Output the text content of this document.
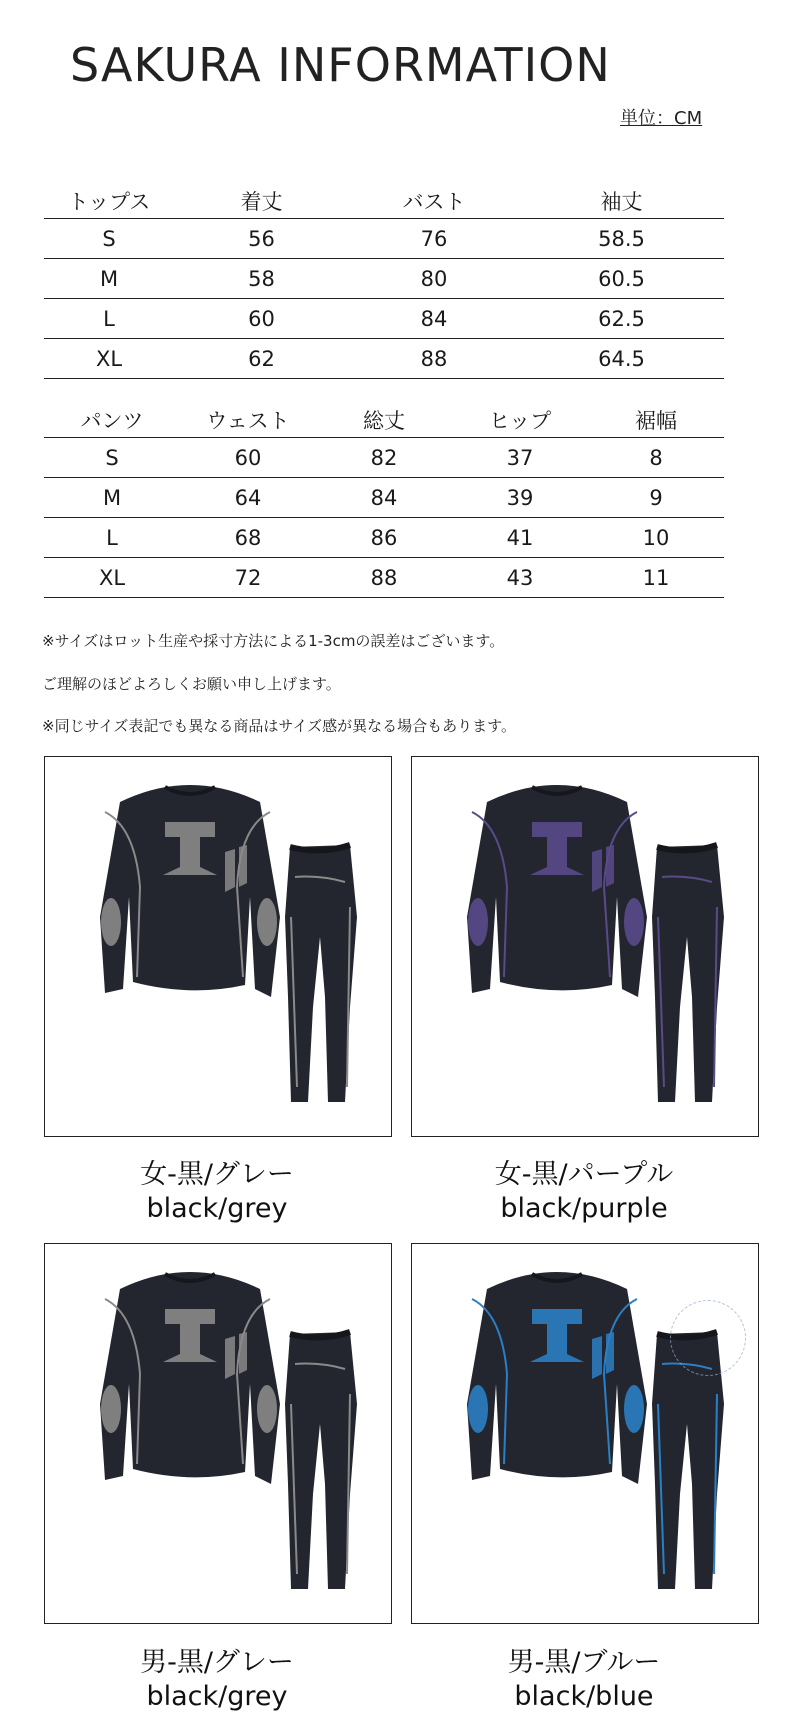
SAKURA INFORMATION
単位：CM
トップス	着丈	バスト	袖丈
S	56	76	58.5
M	58	80	60.5
L	60	84	62.5
XL	62	88	64.5
パンツ	ウェスト	総丈	ヒップ	裾幅
S	60	82	37	8
M	64	84	39	9
L	68	86	41	10
XL	72	88	43	11
※サイズはロット生産や採寸方法による1-3cmの誤差はございます。
ご理解のほどよろしくお願い申し上げます。
※同じサイズ表記でも異なる商品はサイズ感が異なる場合もあります。
女-黒/グレー
black/grey
女-黒/パープル
black/purple
男-黒/グレー
black/grey
男-黒/ブルー
black/blue
